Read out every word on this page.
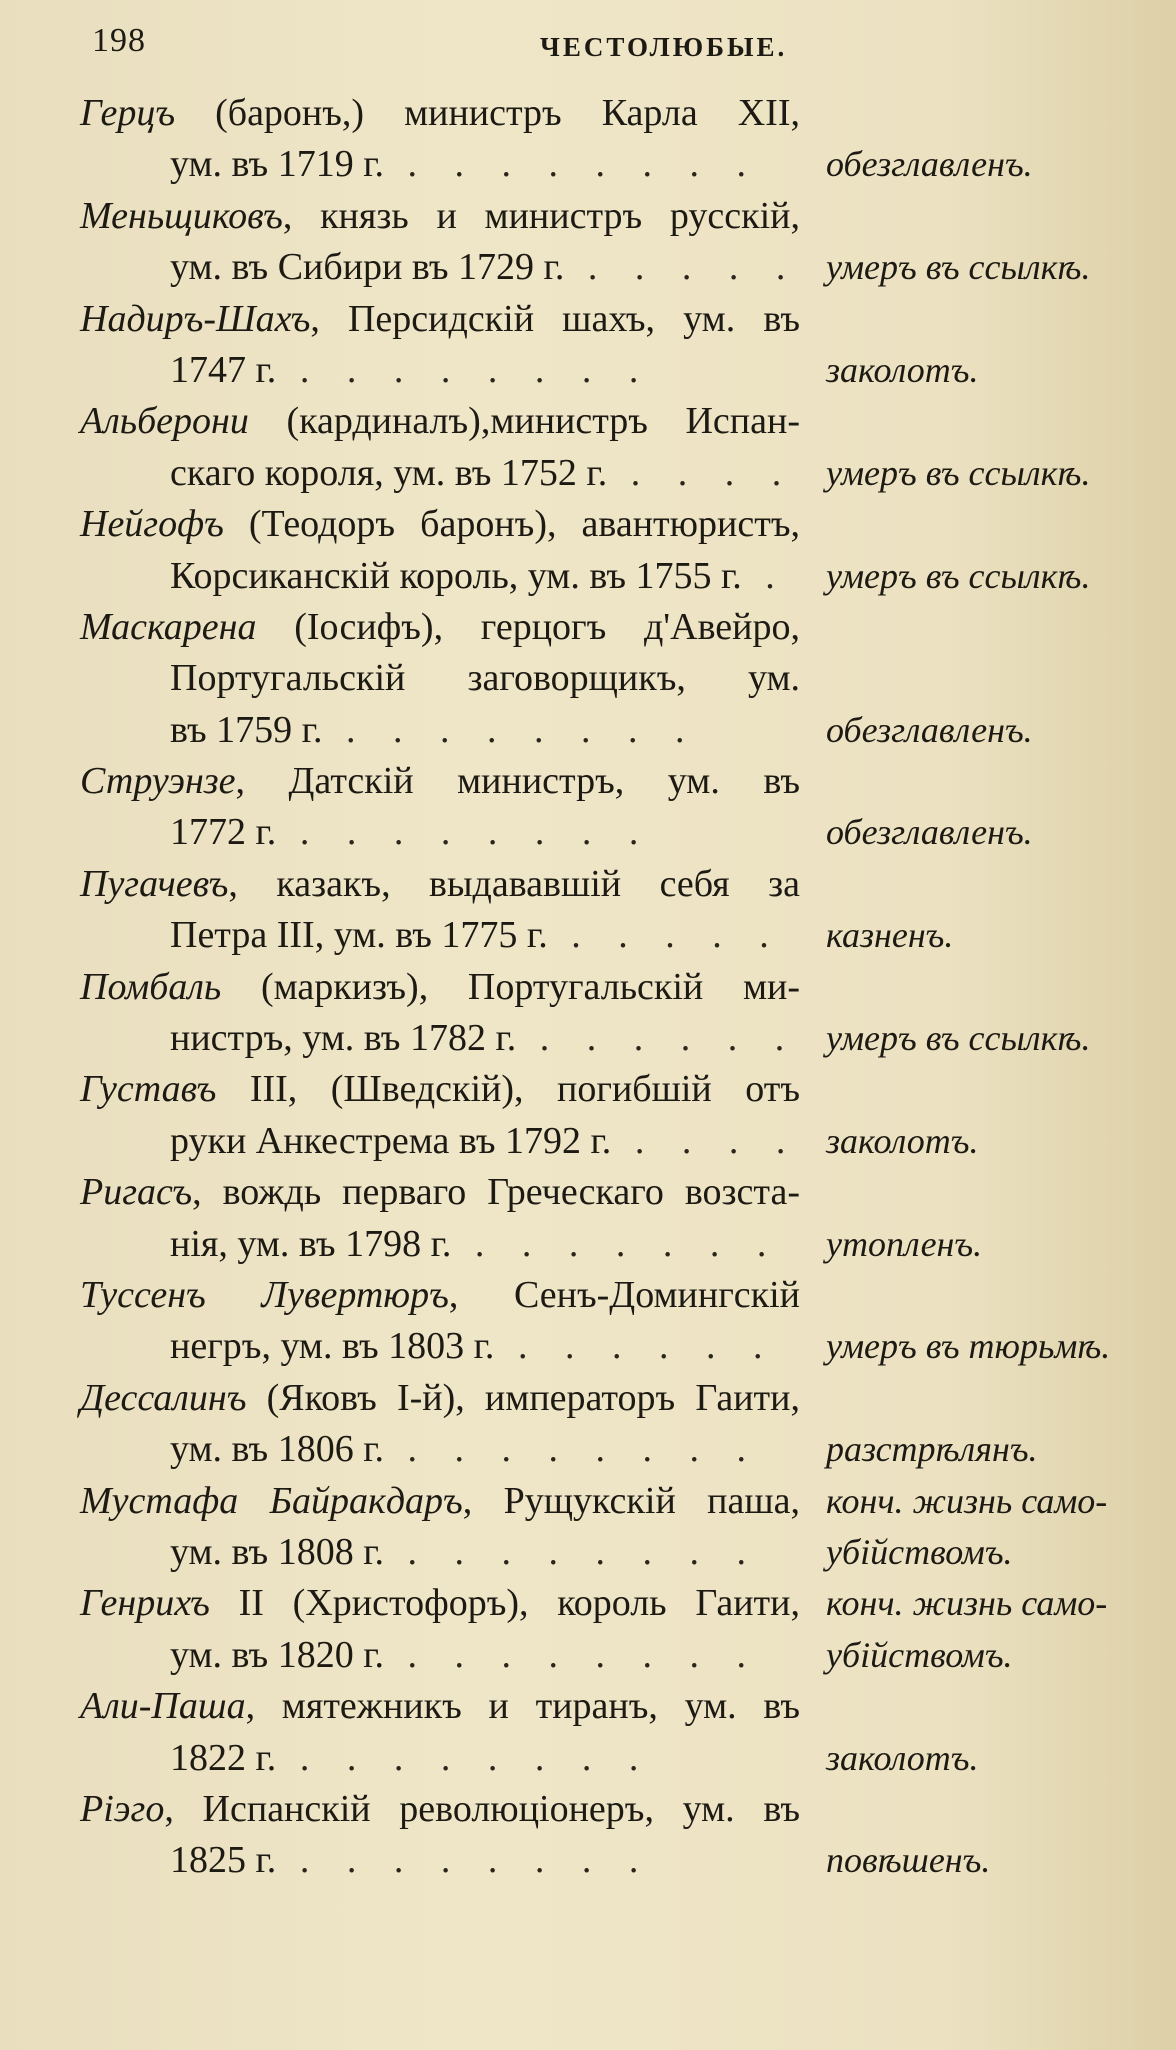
198	ЧЕСТОЛЮБЫЕ.
Герцъ (баронъ,) министръ Карла XII,
обезглавленъ.
ум. въ 1719 г. . . . . . . . .
Меньщиковъ, князь и министръ русскій,
умеръ въ ссылкѣ.
ум. въ Сибири въ 1729 г. . . . . .
Надиръ-Шахъ, Персидскій шахъ, ум. въ
заколотъ.
1747 г. . . . . . . . .
Альберони (кардиналъ),министръ Испан-
умеръ въ ссылкѣ.
скаго короля, ум. въ 1752 г. . . . .
Нейгофъ (Теодоръ баронъ), авантюристъ,
умеръ въ ссылкѣ.
Корсиканскій король, ум. въ 1755 г. .
Маскарена (Іосифъ), герцогъ д'Авейро,
Португальскій заговорщикъ, ум.
обезглавленъ.
въ 1759 г. . . . . . . . .
Струэнзе, Датскій министръ, ум. въ
обезглавленъ.
1772 г. . . . . . . . .
Пугачевъ, казакъ, выдававшій себя за
казненъ.
Петра III, ум. въ 1775 г. . . . . .
Помбаль (маркизъ), Португальскій ми-
умеръ въ ссылкѣ.
нистръ, ум. въ 1782 г. . . . . . .
Густавъ III, (Шведскій), погибшій отъ
заколотъ.
руки Анкестрема въ 1792 г. . . . .
Ригасъ, вождь перваго Греческаго возста-
утопленъ.
нія, ум. въ 1798 г. . . . . . . .
Туссенъ Лувертюръ, Сенъ-Домингскій
умеръ въ тюрьмѣ.
негръ, ум. въ 1803 г. . . . . . .
Дессалинъ (Яковъ I-й), императоръ Гаити,
разстрѣлянъ.
ум. въ 1806 г. . . . . . . . .
Мустафа Байракдаръ, Рущукскій паша, конч. жизнь само-
убійствомъ.
ум. въ 1808 г. . . . . . . . .
Генрихъ II (Христофоръ), король Гаити, конч. жизнь само-
убійствомъ.
ум. въ 1820 г. . . . . . . . .
Али-Паша, мятежникъ и тиранъ, ум. въ
заколотъ.
1822 г. . . . . . . . .
Ріэго, Испанскій революціонеръ, ум. въ
повѣшенъ.
1825 г. . . . . . . . .
